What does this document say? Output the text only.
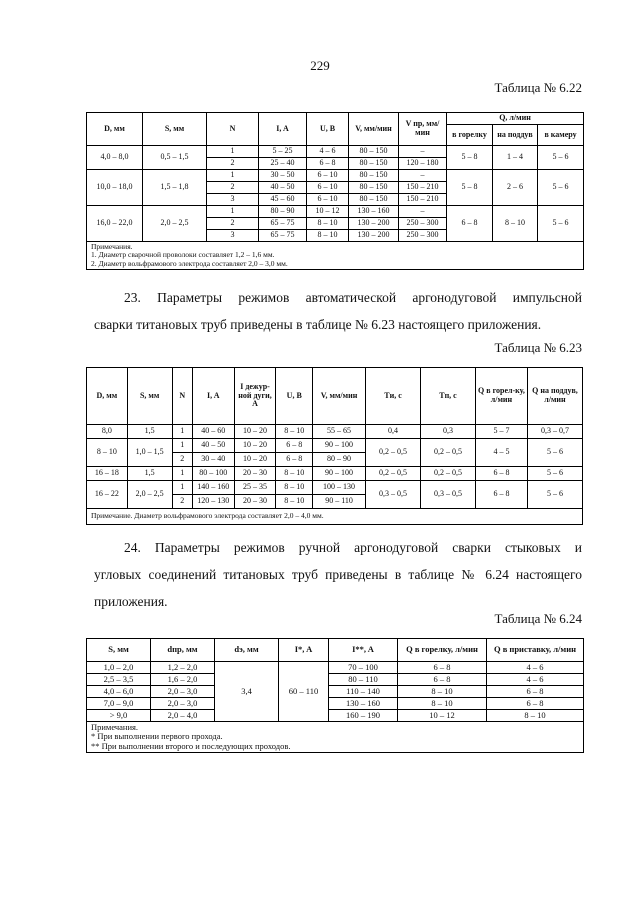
229
Таблица № 6.22
D, мм	S, мм	N	I, A	U, B	V, мм/мин	V пр, мм/мин	Q, л/мин		
							в горелку	на поддув	в камеру
4,0 – 8,0	0,5 – 1,5	1	5 – 25	4 – 6	80 – 150	–	5 – 8	1 – 4	5 – 6
		2	25 – 40	6 – 8	80 – 150	120 – 180			
10,0 – 18,0	1,5 – 1,8	1	30 – 50	6 – 10	80 – 150	–	5 – 8	2 – 6	5 – 6
		2	40 – 50	6 – 10	80 – 150	150 – 210			
		3	45 – 60	6 – 10	80 – 150	150 – 210			
16,0 – 22,0	2,0 – 2,5	1	80 – 90	10 – 12	130 – 160	–	6 – 8	8 – 10	5 – 6
		2	65 – 75	8 – 10	130 – 200	250 – 300			
		3	65 – 75	8 – 10	130 – 200	250 – 300			

Примечания.
1. Диаметр сварочной проволоки составляет 1,2 – 1,6 мм.
2. Диаметр вольфрамового электрода составляет 2,0 – 3,0 мм.									
23. Параметры режимов автоматической аргонодуговой импульсной
сварки титановых труб приведены в таблице № 6.23 настоящего приложения.
Таблица № 6.23
D, мм	S, мм	N	I, A	I дежур-ной дуги, А	U, B	V, мм/мин	Tи, с	Tп, с	Q в горел-ку, л/мин	Q на поддув, л/мин
8,0	1,5	1	40 – 60	10 – 20	8 – 10	55 – 65	0,4	0,3	5 – 7	0,3 – 0,7
8 – 10	1,0 – 1,5	1	40 – 50	10 – 20	6 – 8	90 – 100	0,2 – 0,5	0,2 – 0,5	4 – 5	5 – 6
		2	30 – 40	10 – 20	6 – 8	80 – 90				
16 – 18	1,5	1	80 – 100	20 – 30	8 – 10	90 – 100	0,2 – 0,5	0,2 – 0,5	6 – 8	5 – 6
16 – 22	2,0 – 2,5	1	140 – 160	25 – 35	8 – 10	100 – 130	0,3 – 0,5	0,3 – 0,5	6 – 8	5 – 6
		2	120 – 130	20 – 30	8 – 10	90 – 110				
Примечание. Диаметр вольфрамового электрода составляет 2,0 – 4,0 мм.										
24. Параметры режимов ручной аргонодуговой сварки стыковых и
угловых соединений титановых труб приведены в таблице № 6.24 настоящего
приложения.
Таблица № 6.24
S, мм	dпр, мм	dэ, мм	I*, A	I**, A	Q в горелку, л/мин	Q в приставку, л/мин
1,0 – 2,0	1,2 – 2,0	3,4	60 – 110	70 – 100	6 – 8	4 – 6
2,5 – 3,5	1,6 – 2,0			80 – 110	6 – 8	4 – 6
4,0 – 6,0	2,0 – 3,0			110 – 140	8 – 10	6 – 8
7,0 – 9,0	2,0 – 3,0			130 – 160	8 – 10	6 – 8
> 9,0	2,0 – 4,0			160 – 190	10 – 12	8 – 10

Примечания.
* При выполнении первого прохода.
** При выполнении второго и последующих проходов.						
